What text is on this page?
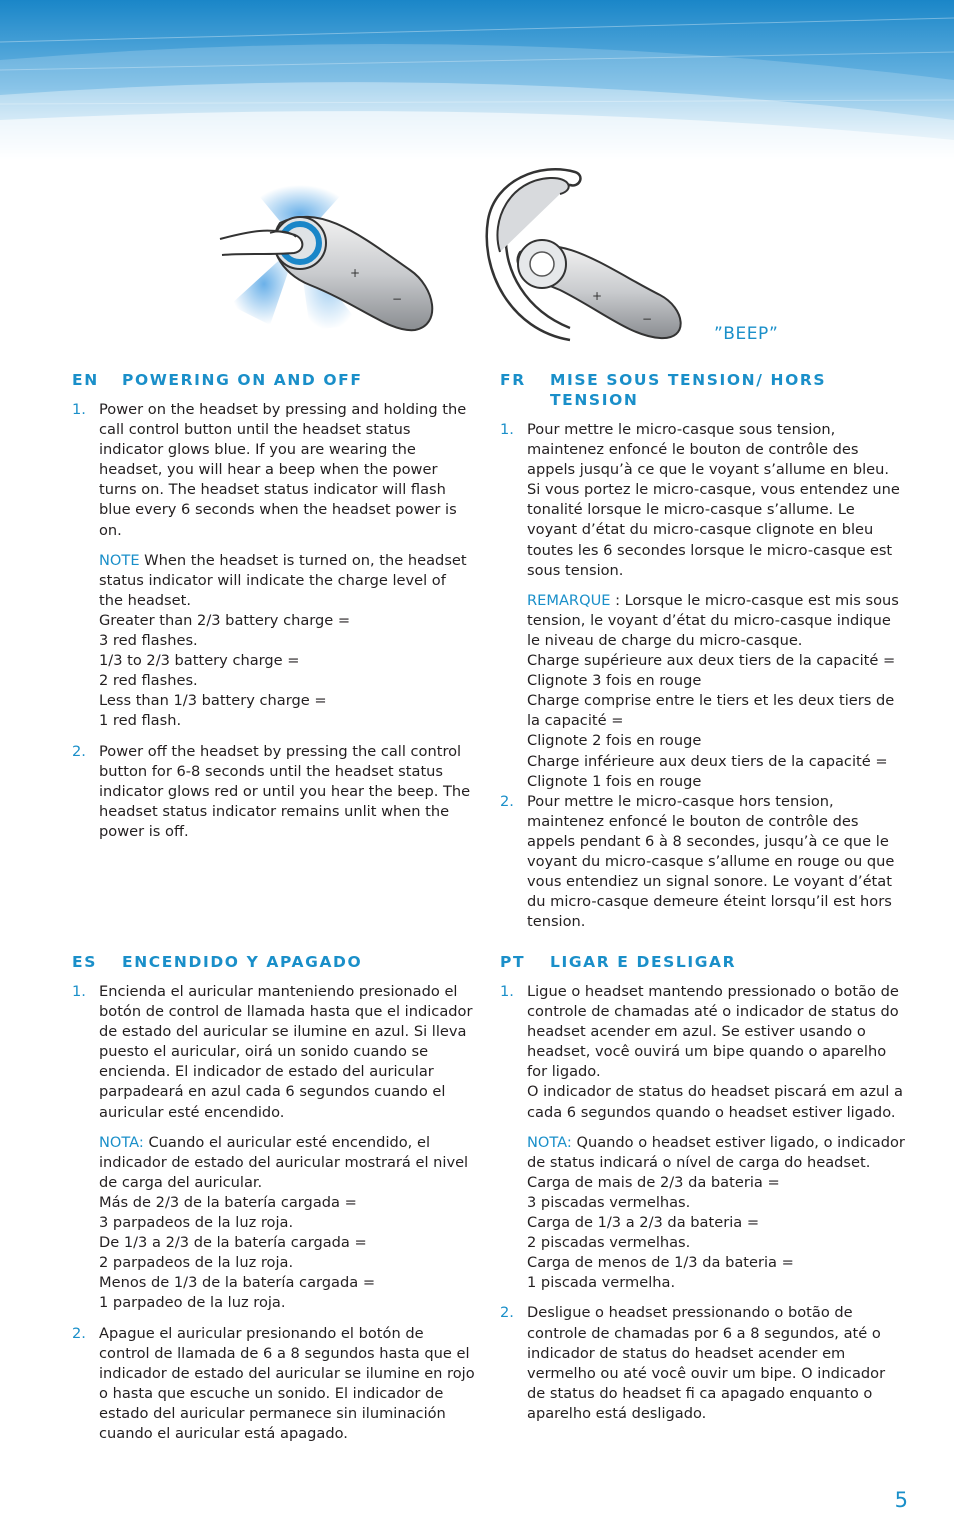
+
−	+
−
”BEEP”
EN	POWERING ON AND OFF
1. Power on the headset by pressing and holding the call control button until the headset status indicator glows blue. If you are wearing the headset, you will hear a beep when the power turns on. The headset status indicator will flash blue every 6 seconds when the headset power is on.
NOTE When the headset is turned on, the headset status indicator will indicate the charge level of the headset.
Greater than 2/3 battery charge =
3 red flashes.
1/3 to 2/3 battery charge =
2 red flashes.
Less than 1/3 battery charge =
1 red flash.
2. Power off the headset by pressing the call control button for 6-8 seconds until the headset status indicator glows red or until you hear the beep. The headset status indicator remains unlit when the power is off.
FR	MISE SOUS TENSION/ HORS TENSION
1. Pour mettre le micro-casque sous tension, maintenez enfoncé le bouton de contrôle des appels jusqu’à ce que le voyant s’allume en bleu. Si vous portez le micro-casque, vous entendez une tonalité lorsque le micro-casque s’allume. Le voyant d’état du micro-casque clignote en bleu toutes les 6 secondes lorsque le micro-casque est sous tension.
REMARQUE : Lorsque le micro-casque est mis sous tension, le voyant d’état du micro-casque indique le niveau de charge du micro-casque.
Charge supérieure aux deux tiers de la capacité =
Clignote 3 fois en rouge
Charge comprise entre le tiers et les deux tiers de la capacité =
Clignote 2 fois en rouge
Charge inférieure aux deux tiers de la capacité =
Clignote 1 fois en rouge
2. Pour mettre le micro-casque hors tension, maintenez enfoncé le bouton de contrôle des appels pendant 6 à 8 secondes, jusqu’à ce que le voyant du micro-casque s’allume en rouge ou que vous entendiez un signal sonore. Le voyant d’état du micro-casque demeure éteint lorsqu’il est hors tension.
ES	ENCENDIDO Y APAGADO
1. Encienda el auricular manteniendo presionado el botón de control de llamada hasta que el indicador de estado del auricular se ilumine en azul. Si lleva puesto el auricular, oirá un sonido cuando se encienda. El indicador de estado del auricular parpadeará en azul cada 6 segundos cuando el auricular esté encendido.
NOTA: Cuando el auricular esté encendido, el indicador de estado del auricular mostrará el nivel de carga del auricular.
Más de 2/3 de la batería cargada =
3 parpadeos de la luz roja.
De 1/3 a 2/3 de la batería cargada =
2 parpadeos de la luz roja.
Menos de 1/3 de la batería cargada =
1 parpadeo de la luz roja.
2. Apague el auricular presionando el botón de control de llamada de 6 a 8 segundos hasta que el indicador de estado del auricular se ilumine en rojo o hasta que escuche un sonido. El indicador de estado del auricular permanece sin iluminación cuando el auricular está apagado.
PT	LIGAR E DESLIGAR
1. Ligue o headset mantendo pressionado o botão de controle de chamadas até o indicador de status do headset acender em azul. Se estiver usando o headset, você ouvirá um bipe quando o aparelho for ligado.
O indicador de status do headset piscará em azul a cada 6 segundos quando o headset estiver ligado.
NOTA: Quando o headset estiver ligado, o indicador de status indicará o nível de carga do headset.
Carga de mais de 2/3 da bateria =
3 piscadas vermelhas.
Carga de 1/3 a 2/3 da bateria =
2 piscadas vermelhas.
Carga de menos de 1/3 da bateria =
1 piscada vermelha.
2. Desligue o headset pressionando o botão de controle de chamadas por 6 a 8 segundos, até o indicador de status do headset acender em vermelho ou até você ouvir um bipe. O indicador de status do headset fi ca apagado enquanto o aparelho está desligado.
5
